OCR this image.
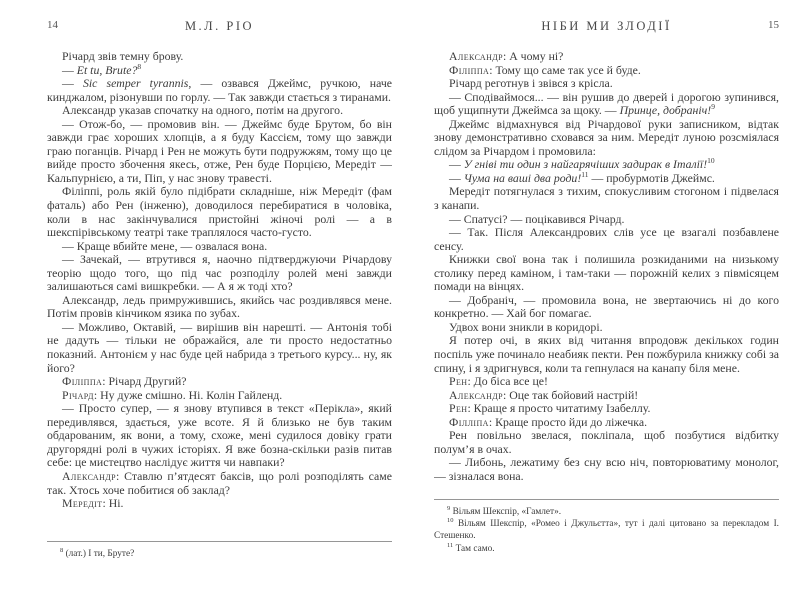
14	М.Л. РІО

Річард звів темну брову.

— Et tu, Brute?$^8$

— Sic semper tyrannis, — озвався Джеймс, ручкою, наче кинджалом, різонувши по горлу. — Так завжди стається з тиранами.

Александр указав спочатку на одного, потім на другого.

— Отож-бо, — промовив він. — Джеймс буде Брутом, бо він завжди грає хороших хлопців, а я буду Кассієм, тому що завжди граю поганців. Річард і Рен не можуть бути подружжям, тому що це вийде просто збочення якесь, отже, Рен буде Порцією, Мередіт — Кальпурнією, а ти, Піп, у нас знову травесті.

Філіппі, роль якій було підібрати складніше, ніж Мередіт (фам фаталь) або Рен (інженю), доводилося перебиратися в чоловіка, коли в нас закінчувалися пристойні жіночі ролі — а в шекспірівському театрі таке траплялося часто-густо.

— Краще вбийте мене, — озвалася вона.

— Зачекай, — втрутився я, наочно підтверджуючи Річардову теорію щодо того, що під час розподілу ролей мені завжди залишаються самі вишкребки. — А я ж тоді хто?

Александр, ледь примружившись, якийсь час роздивлявся мене. Потім провів кінчиком язика по зубах.

— Можливо, Октавій, — вирішив він нарешті. — Антонія тобі не дадуть — тільки не ображайся, але ти просто недостатньо показний. Антонієм у нас буде цей набрида з третього курсу... ну, як його?

Філіппа: Річард Другий?

Річард: Ну дуже смішно. Ні. Колін Гайленд.

— Просто супер, — я знову втупився в текст «Перікла», який передивлявся, здається, уже всоте. Я й близько не був таким обдарованим, як вони, а тому, схоже, мені судилося довіку грати другорядні ролі в чужих історіях. Я вже бозна-скільки разів питав себе: це мистецтво наслідує життя чи навпаки?

Александр: Ставлю п’ятдесят баксів, що ролі розподілять саме так. Хтось хоче побитися об заклад?

Мередіт: Ні.

$^8$ (лат.) І ти, Бруте?

НІБИ МИ ЗЛОДІЇ	15

Александр: А чому ні?

Філіппа: Тому що саме так усе й буде.

Річард реготнув і звівся з крісла.

— Сподіваймося... — він рушив до дверей і дорогою зупинився, щоб ущипнути Джеймса за щоку. — Принце, добраніч!$^9$

Джеймс відмахнувся від Річардової руки записником, відтак знову демонстративно сховався за ним. Мередіт луною розсміялася слідом за Річардом і промовила:

— У гніві ти один з найгарячіших задирак в Італії!$^{10}$

— Чума на ваші два роди!$^{11}$ — пробурмотів Джеймс.

Мередіт потягнулася з тихим, спокусливим стогоном і підвелася з канапи.

— Спатусі? — поцікавився Річард.

— Так. Після Александрових слів усе це взагалі позбавлене сенсу.

Книжки свої вона так і полишила розкиданими на низькому столику перед каміном, і там-таки — порожній келих з півмісяцем помади на вінцях.

— Добраніч, — промовила вона, не звертаючись ні до кого конкретно. — Хай бог помагає.

Удвох вони зникли в коридорі.

Я потер очі, в яких від читання впродовж декількох годин поспіль уже починало неабияк пекти. Рен пожбурила книжку собі за спину, і я здригнувся, коли та гепнулася на канапу біля мене.

Рен: До біса все це!

Александр: Оце так бойовий настрій!

Рен: Краще я просто читатиму Ізабеллу.

Філліпа: Краще просто йди до ліжечка.

Рен повільно звелася, покліпала, щоб позбутися відбитку полум’я в очах.

— Либонь, лежатиму без сну всю ніч, повторюватиму монолог, — зізналася вона.

$^9$ Вільям Шекспір, «Гамлет».

$^{10}$ Вільям Шекспір, «Ромео і Джульєтта», тут і далі цитовано за перекладом І. Стешенко.

$^{11}$ Там само.
